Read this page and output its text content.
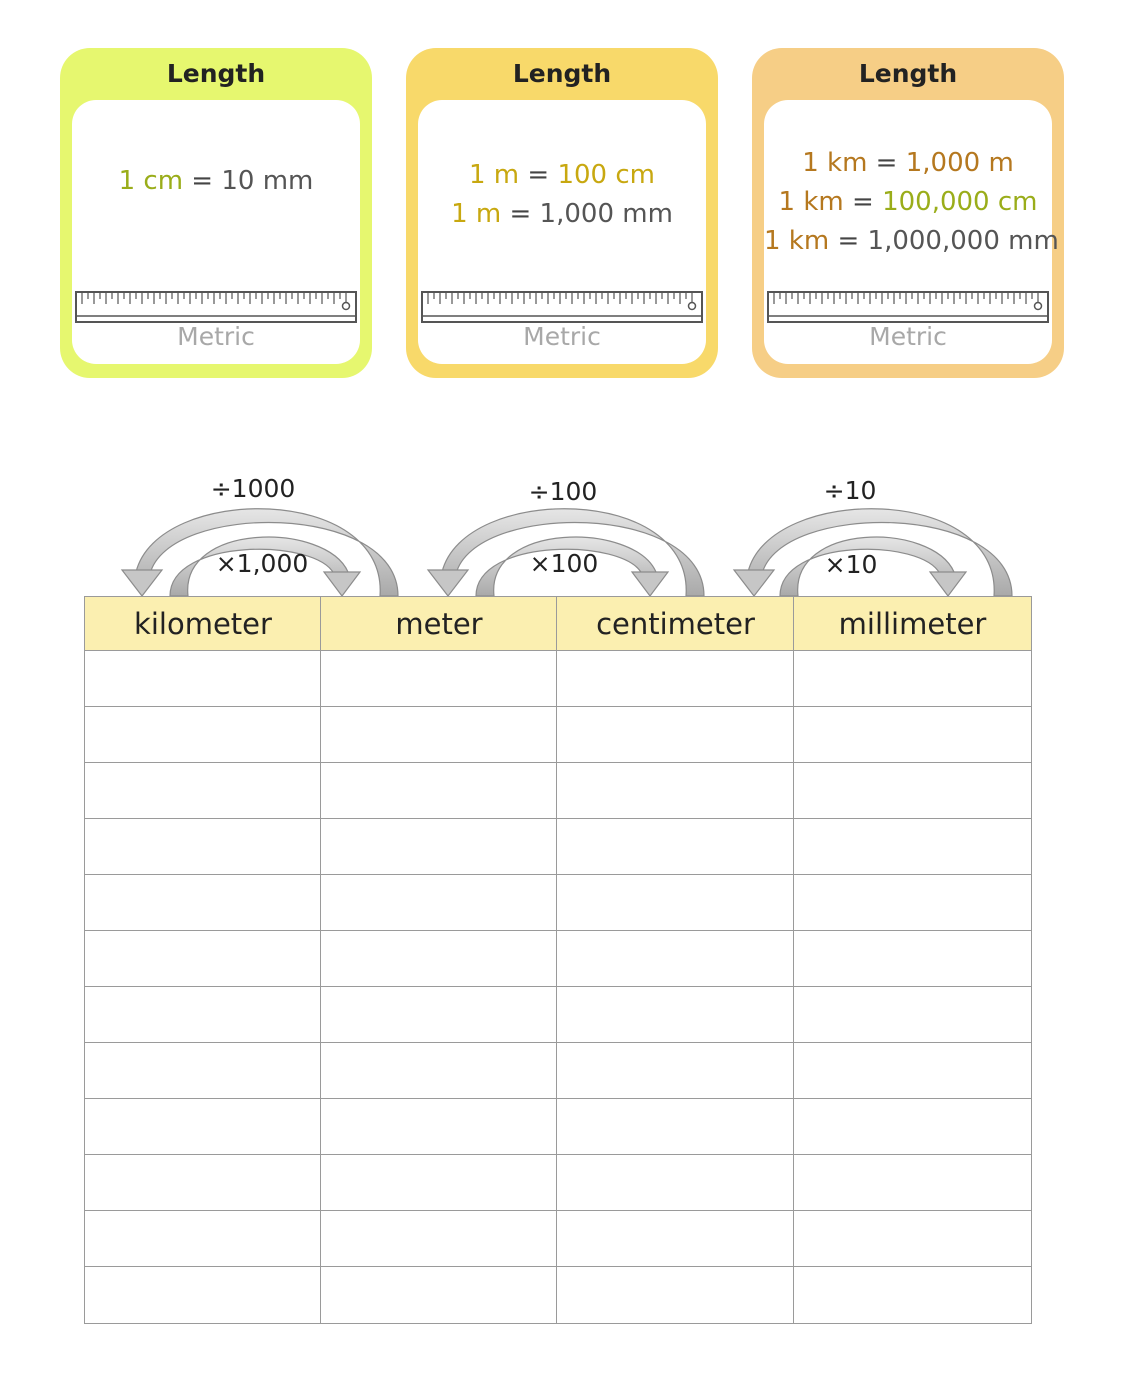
Length
1 cm = 10 mm
Metric
Length
1 m = 100 cm
1 m = 1,000 mm
Metric
Length
1 km = 1,000 m
1 km = 100,000 cm
1 km = 1,000,000 mm
Metric
÷1000
×1,000
÷100
×100
÷10
×10
kilometer	meter	centimeter	millimeter
